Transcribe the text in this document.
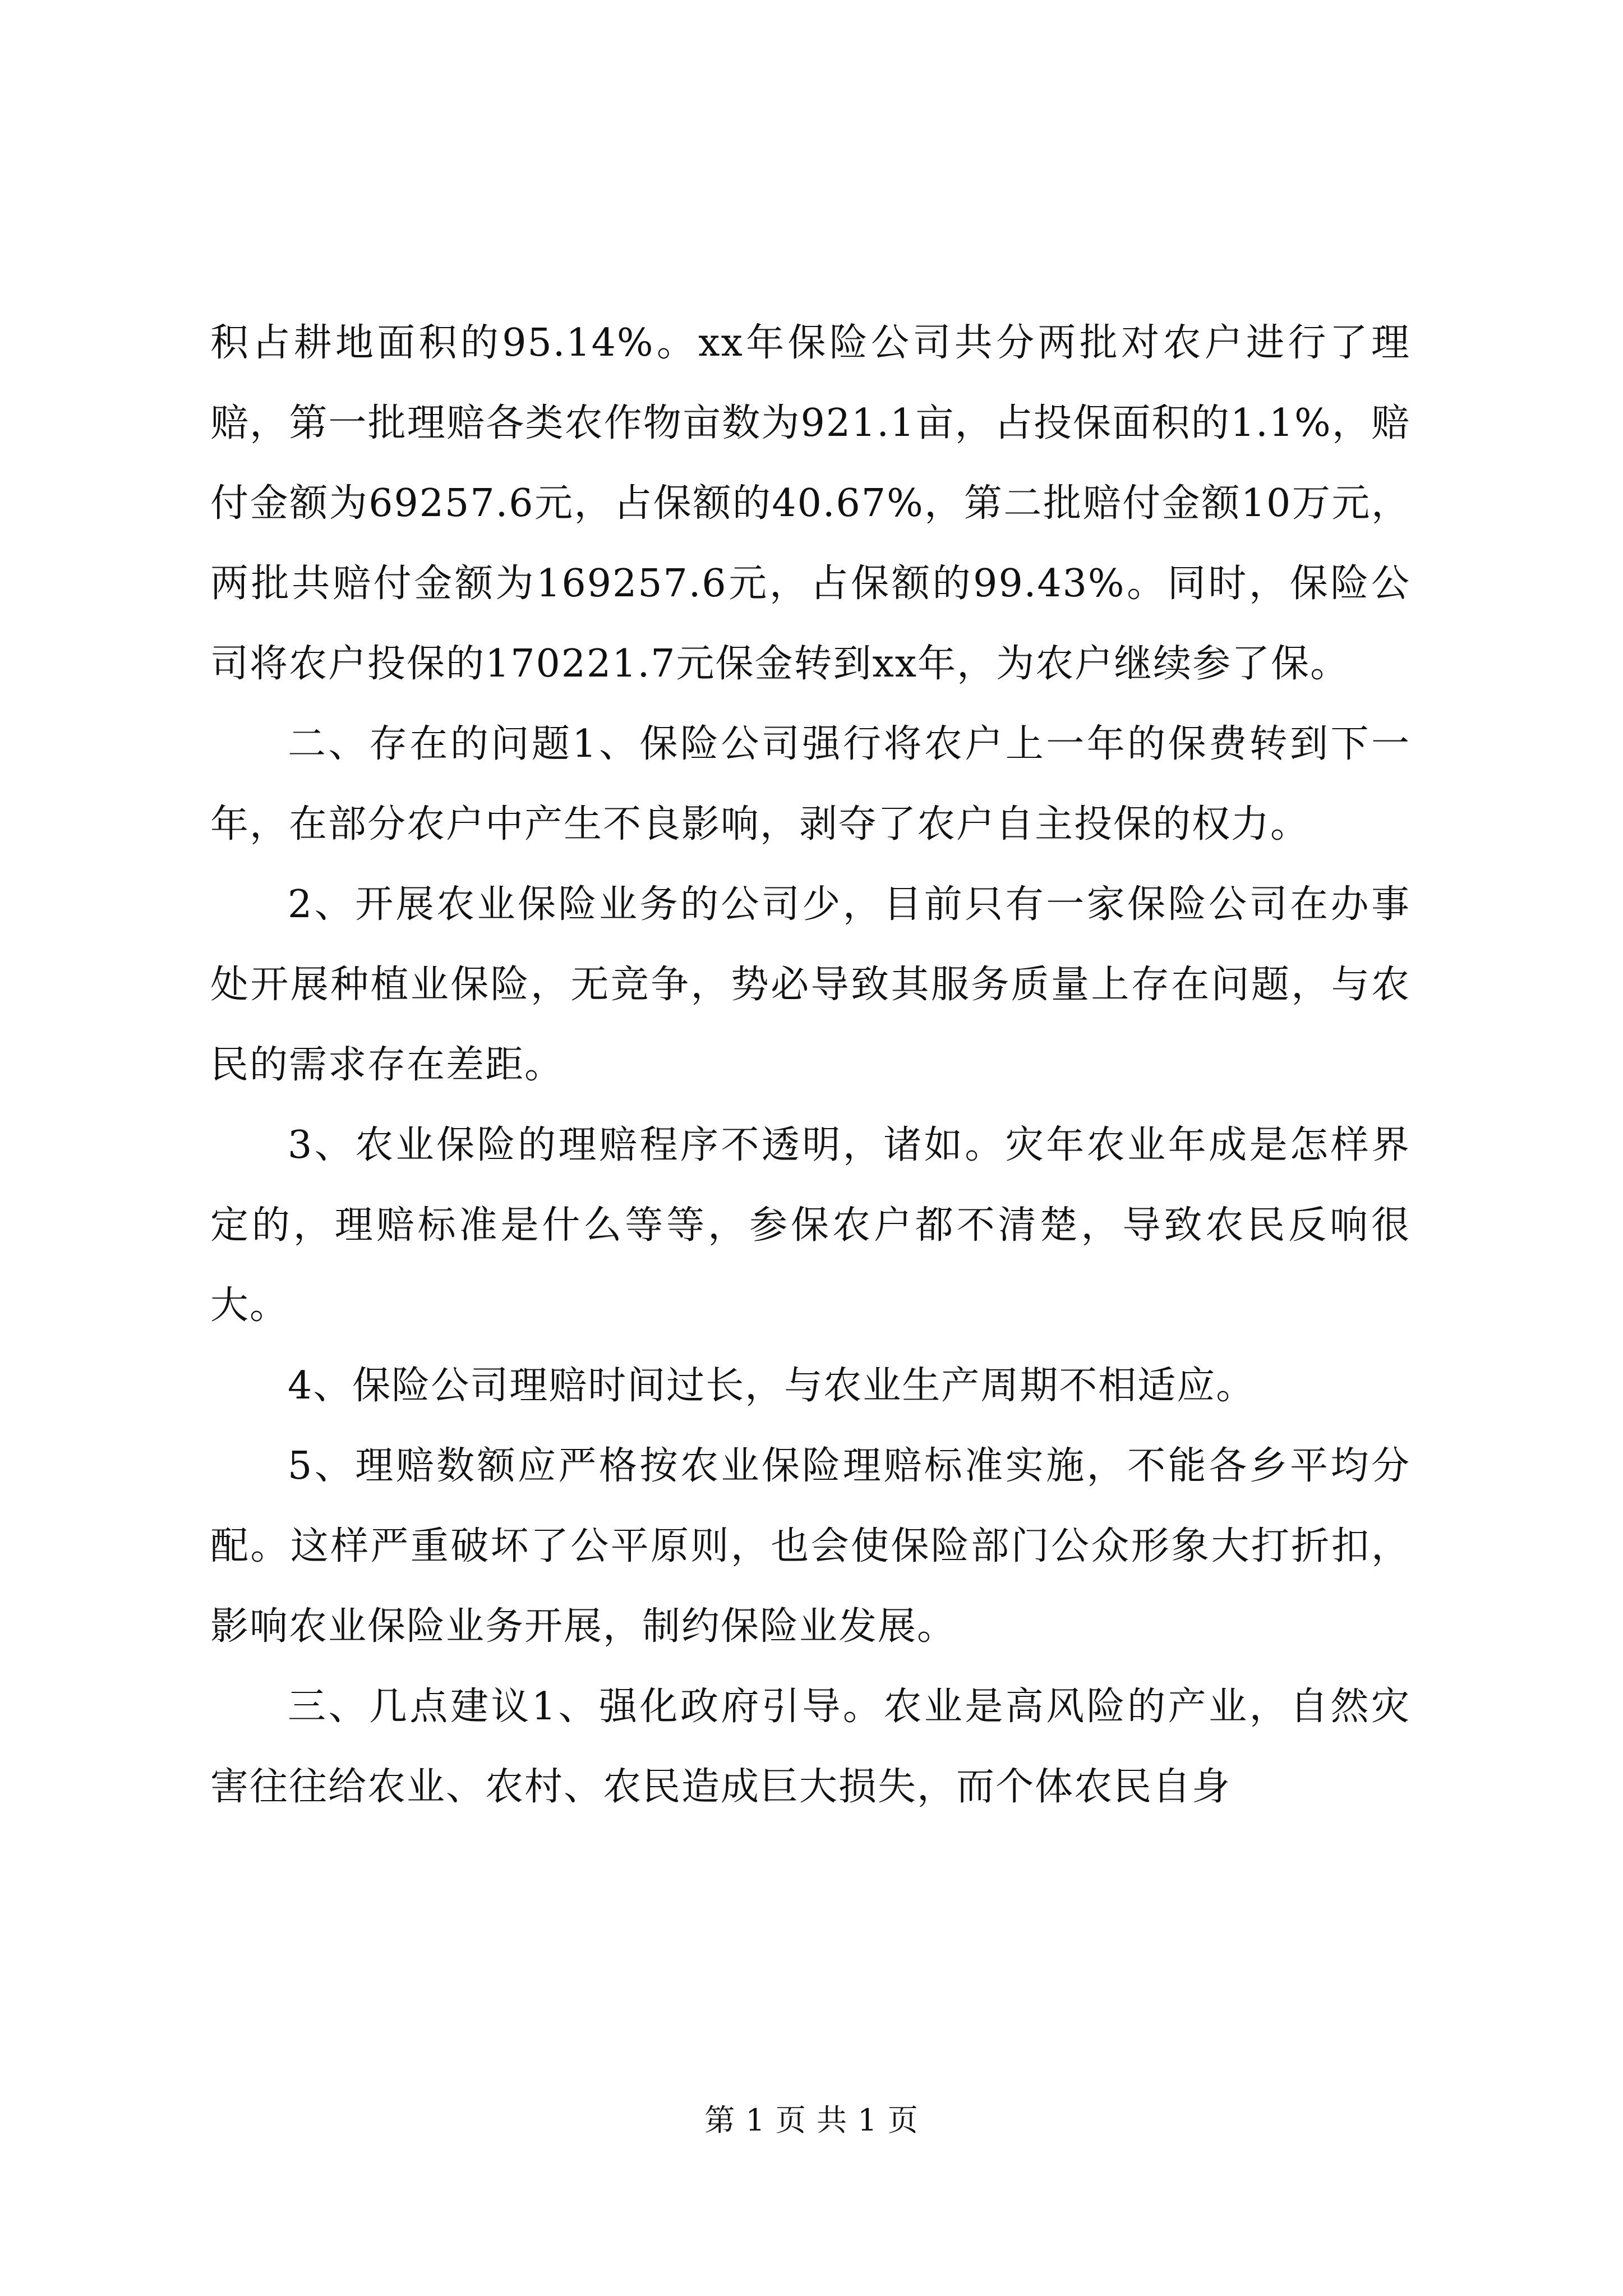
积占耕地面积的95.14%。xx年保险公司共分两批对农户进行了理赔，第一批理赔各类农作物亩数为921.1亩，占投保面积的1.1%，赔付金额为69257.6元，占保额的40.67%，第二批赔付金额10万元，两批共赔付金额为169257.6元，占保额的99.43%。同时，保险公司将农户投保的170221.7元保金转到xx年，为农户继续参了保。

二、存在的问题1、保险公司强行将农户上一年的保费转到下一年，在部分农户中产生不良影响，剥夺了农户自主投保的权力。

2、开展农业保险业务的公司少，目前只有一家保险公司在办事处开展种植业保险，无竞争，势必导致其服务质量上存在问题，与农民的需求存在差距。

3、农业保险的理赔程序不透明，诸如。灾年农业年成是怎样界定的，理赔标准是什么等等，参保农户都不清楚，导致农民反响很大。

4、保险公司理赔时间过长，与农业生产周期不相适应。

5、理赔数额应严格按农业保险理赔标准实施，不能各乡平均分配。这样严重破坏了公平原则，也会使保险部门公众形象大打折扣，影响农业保险业务开展，制约保险业发展。

三、几点建议1、强化政府引导。农业是高风险的产业，自然灾害往往给农业、农村、农民造成巨大损失，而个体农民自身

第 1 页 共 1 页
